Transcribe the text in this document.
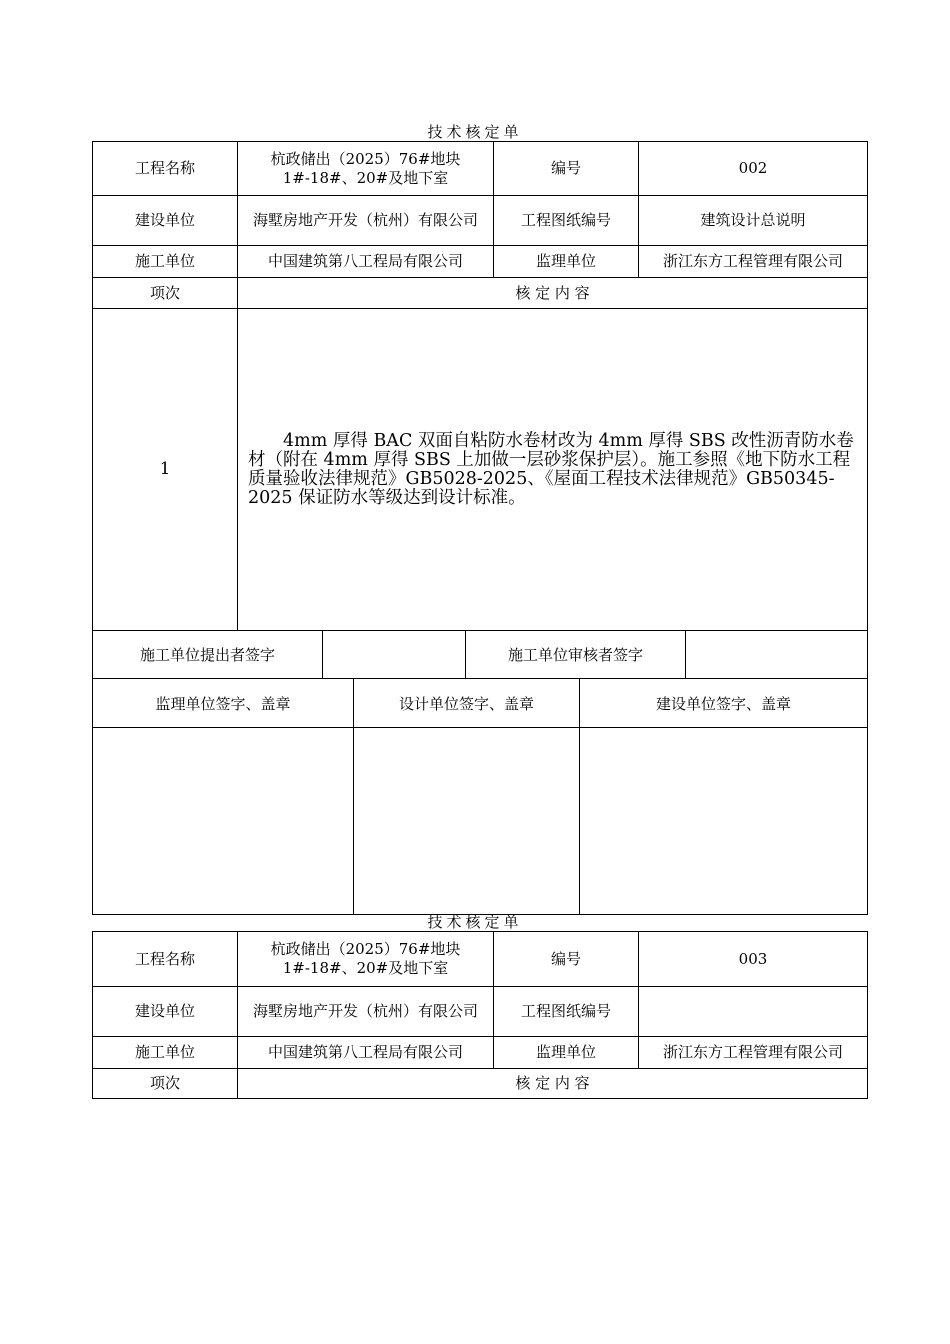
技术核定单
工程名称	杭政储出（2025）76#地块 1#-18#、20#及地下室	编号	002
建设单位	海墅房地产开发（杭州）有限公司	工程图纸编号	建筑设计总说明
施工单位	中国建筑第八工程局有限公司	监理单位	浙江东方工程管理有限公司
项次	核 定 内 容		
1	4mm 厚得 BAC 双面自粘防水卷材改为 4mm 厚得 SBS 改性沥青防水卷材（附在 4mm 厚得 SBS 上加做一层砂浆保护层）。施工参照《地下防水工程质量验收法律规范》GB5028-2025、《屋面工程技术法律规范》GB50345-2025 保证防水等级达到设计标准。		

施工单位提出者签字		施工单位审核者签字	
监理单位签字、盖章	设计单位签字、盖章	建设单位签字、盖章

技术核定单
工程名称	杭政储出（2025）76#地块 1#-18#、20#及地下室	编号	003
建设单位	海墅房地产开发（杭州）有限公司	工程图纸编号	
施工单位	中国建筑第八工程局有限公司	监理单位	浙江东方工程管理有限公司
项次	核 定 内 容		
